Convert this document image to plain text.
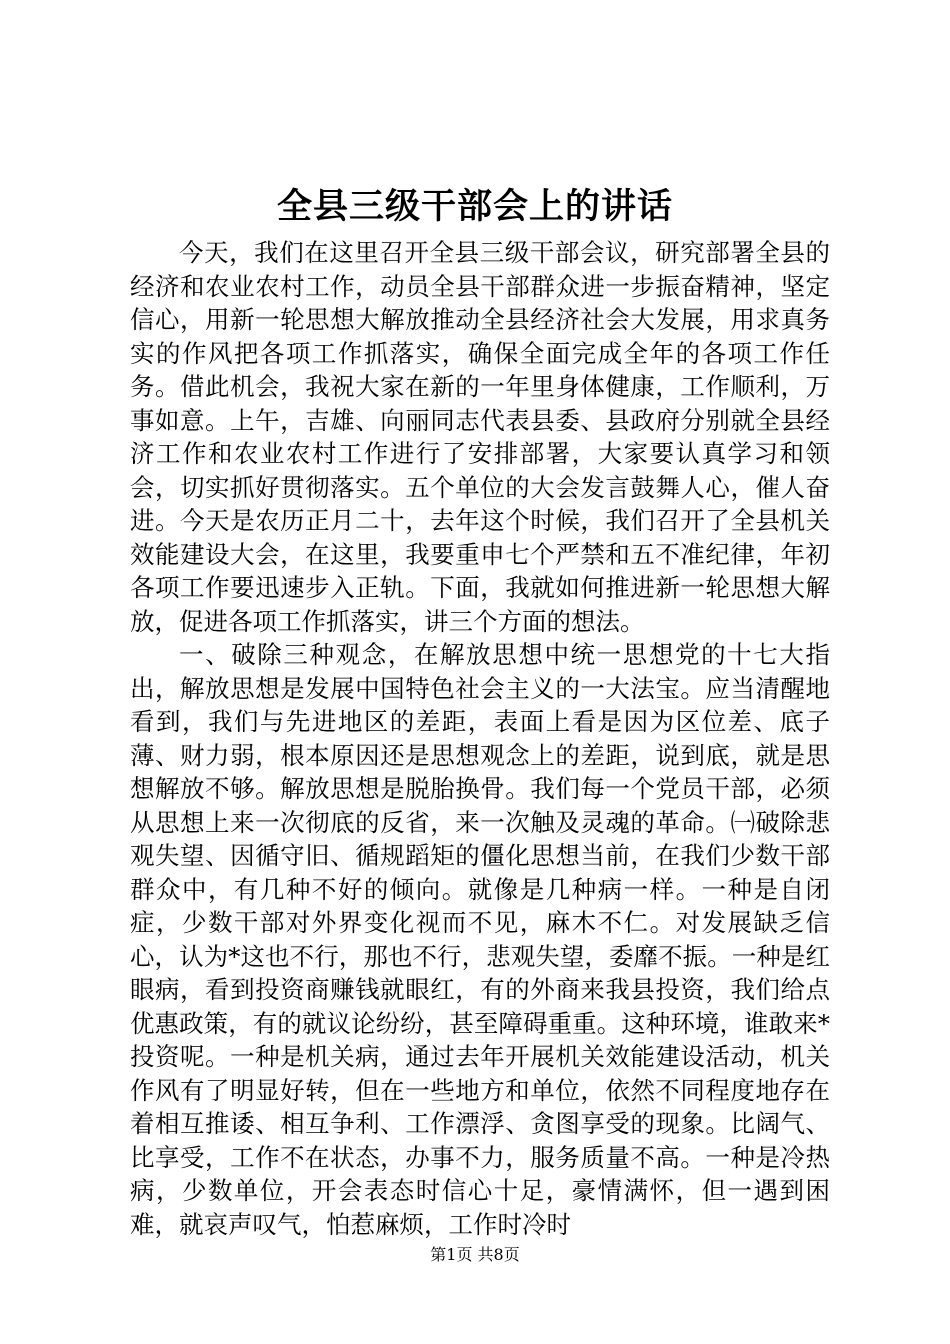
全县三级干部会上的讲话

今天，我们在这里召开全县三级干部会议，研究部署全县的经济和农业农村工作，动员全县干部群众进一步振奋精神，坚定信心，用新一轮思想大解放推动全县经济社会大发展，用求真务实的作风把各项工作抓落实，确保全面完成全年的各项工作任务。借此机会，我祝大家在新的一年里身体健康，工作顺利，万事如意。上午，吉雄、向丽同志代表县委、县政府分别就全县经济工作和农业农村工作进行了安排部署，大家要认真学习和领会，切实抓好贯彻落实。五个单位的大会发言鼓舞人心，催人奋进。今天是农历正月二十，去年这个时候，我们召开了全县机关效能建设大会，在这里，我要重申七个严禁和五不准纪律，年初各项工作要迅速步入正轨。下面，我就如何推进新一轮思想大解放，促进各项工作抓落实，讲三个方面的想法。

一、破除三种观念，在解放思想中统一思想党的十七大指出，解放思想是发展中国特色社会主义的一大法宝。应当清醒地看到，我们与先进地区的差距，表面上看是因为区位差、底子薄、财力弱，根本原因还是思想观念上的差距，说到底，就是思想解放不够。解放思想是脱胎换骨。我们每一个党员干部，必须从思想上来一次彻底的反省，来一次触及灵魂的革命。㈠破除悲观失望、因循守旧、循规蹈矩的僵化思想当前，在我们少数干部群众中，有几种不好的倾向。就像是几种病一样。一种是自闭症，少数干部对外界变化视而不见，麻木不仁。对发展缺乏信心，认为*这也不行，那也不行，悲观失望，委靡不振。一种是红眼病，看到投资商赚钱就眼红，有的外商来我县投资，我们给点优惠政策，有的就议论纷纷，甚至障碍重重。这种环境，谁敢来*投资呢。一种是机关病，通过去年开展机关效能建设活动，机关作风有了明显好转，但在一些地方和单位，依然不同程度地存在着相互推诿、相互争利、工作漂浮、贪图享受的现象。比阔气、比享受，工作不在状态，办事不力，服务质量不高。一种是冷热病，少数单位，开会表态时信心十足，豪情满怀，但一遇到困难，就哀声叹气，怕惹麻烦，工作时冷时

第1页 共8页
